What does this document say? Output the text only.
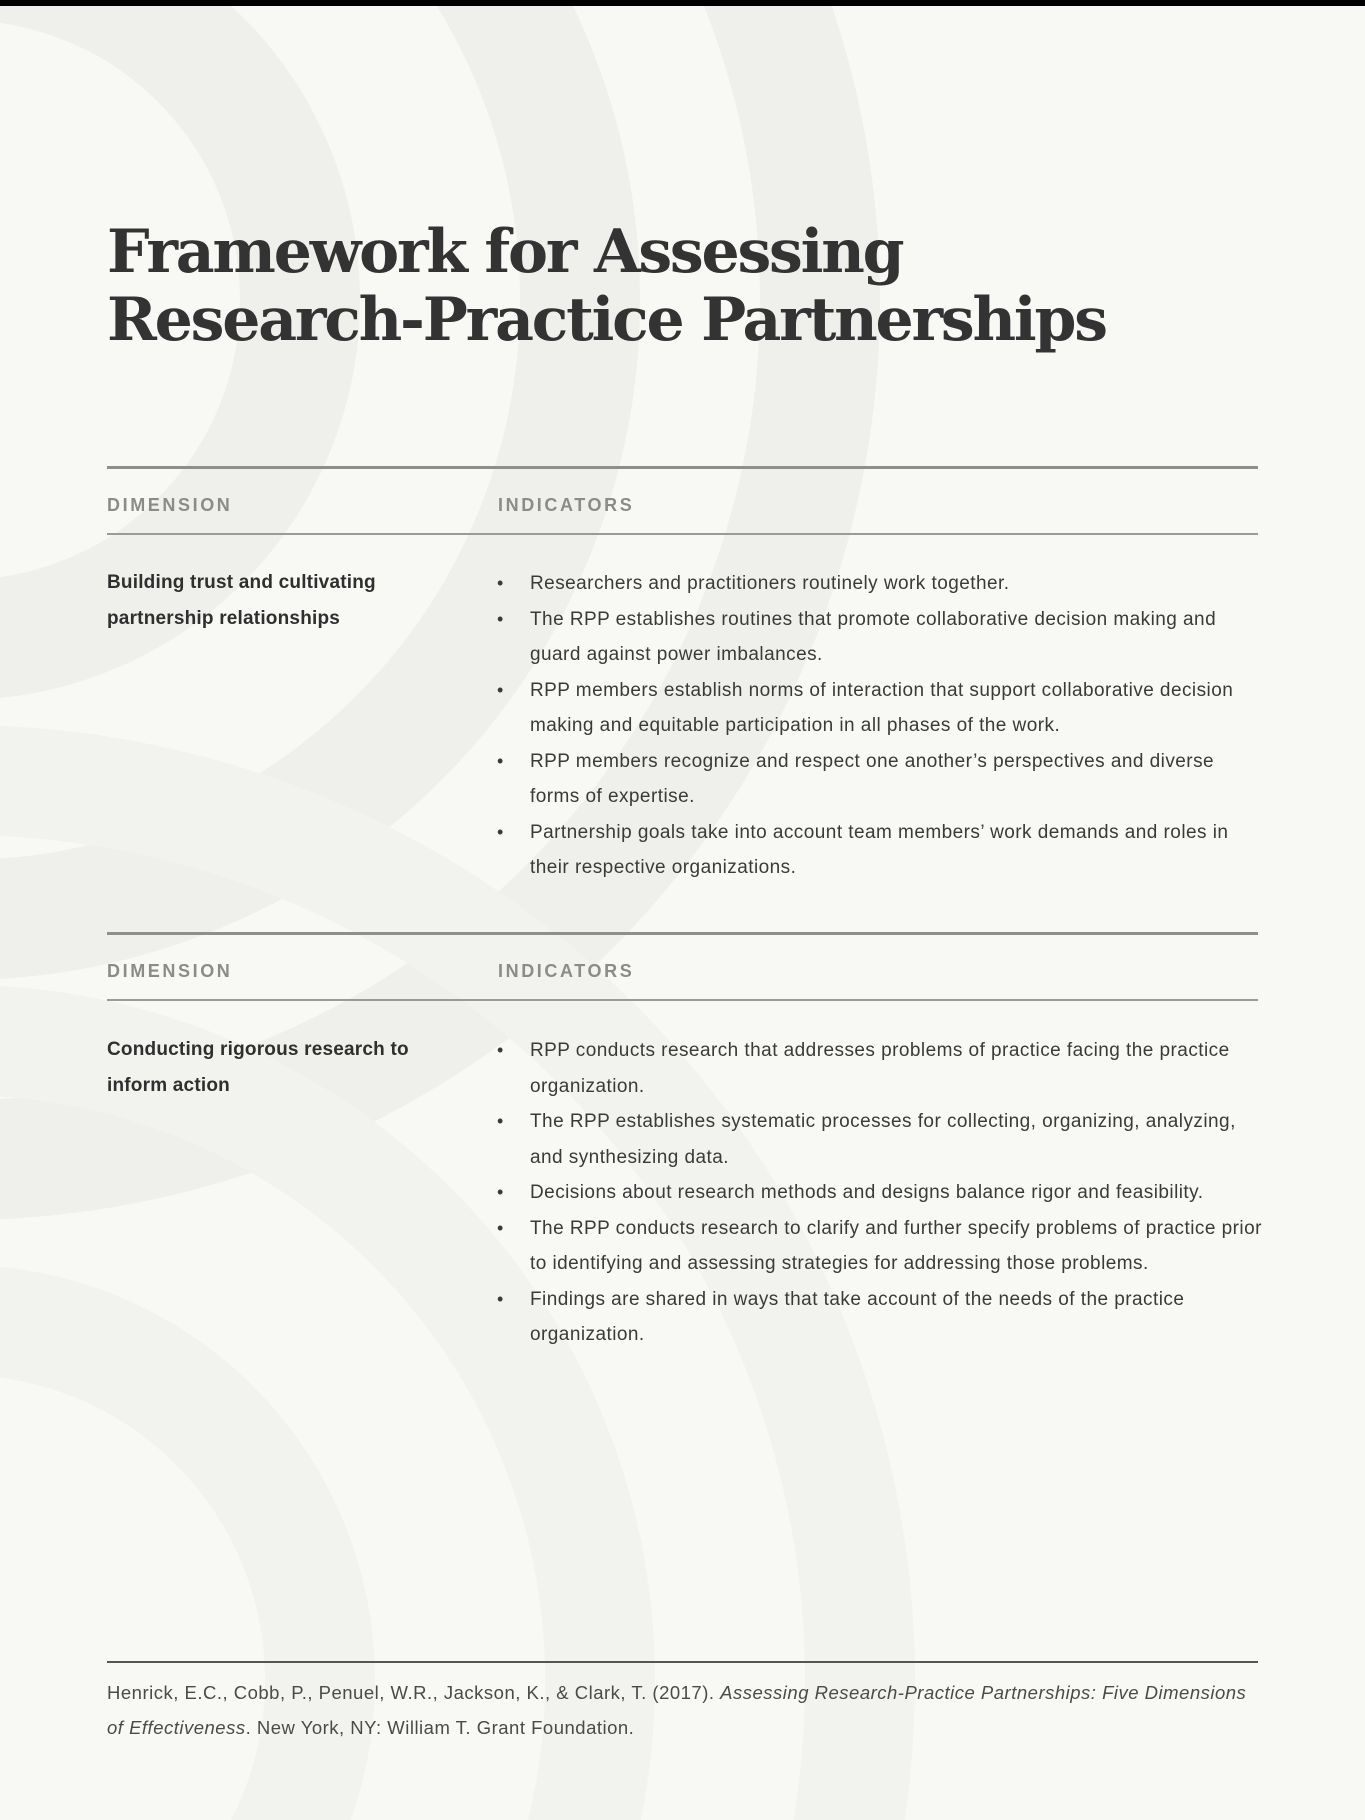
Framework for Assessing
Research-Practice Partnerships
DIMENSION	INDICATORS
Building trust and cultivating
partnership relationships
• Researchers and practitioners routinely work together.
• The RPP establishes routines that promote collaborative decision making and guard against power imbalances.
• RPP members establish norms of interaction that support collaborative decision making and equitable participation in all phases of the work.
• RPP members recognize and respect one another’s perspectives and diverse forms of expertise.
• Partnership goals take into account team members’ work demands and roles in their respective organizations.
DIMENSION	INDICATORS
Conducting rigorous research to
inform action
• RPP conducts research that addresses problems of practice facing the practice organization.
• The RPP establishes systematic processes for collecting, organizing, analyzing, and synthesizing data.
• Decisions about research methods and designs balance rigor and feasibility.
• The RPP conducts research to clarify and further specify problems of practice prior to identifying and assessing strategies for addressing those problems.
• Findings are shared in ways that take account of the needs of the practice organization.
Henrick, E.C., Cobb, P., Penuel, W.R., Jackson, K., & Clark, T. (2017). Assessing Research-Practice Partnerships: Five Dimensions of Effectiveness. New York, NY: William T. Grant Foundation.
